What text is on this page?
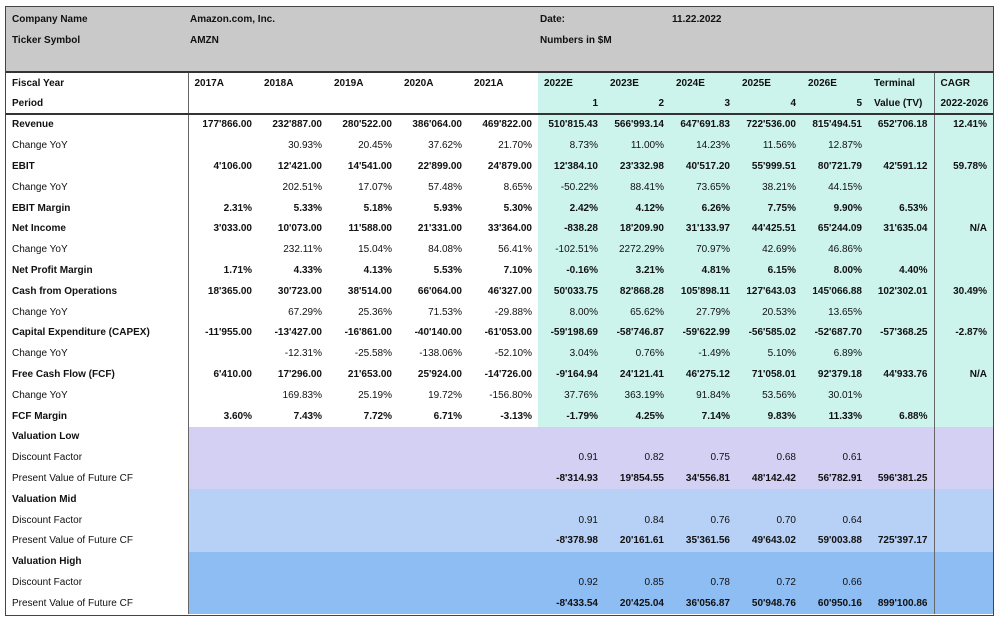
Company Name	Amazon.com, Inc.
Ticker Symbol	AMZN
Date:	11.22.2022
Numbers in $M
Fiscal Year	2017A	2018A	2019A	2020A	2021A	2022E	2023E	2024E	2025E	2026E	Terminal	CAGR
Period						1	2	3	4	5	Value (TV)	2022-2026
Revenue	177'866.00	232'887.00	280'522.00	386'064.00	469'822.00	510'815.43	566'993.14	647'691.83	722'536.00	815'494.51	652'706.18	12.41%
Change YoY		30.93%	20.45%	37.62%	21.70%	8.73%	11.00%	14.23%	11.56%	12.87%		
EBIT	4'106.00	12'421.00	14'541.00	22'899.00	24'879.00	12'384.10	23'332.98	40'517.20	55'999.51	80'721.79	42'591.12	59.78%
Change YoY		202.51%	17.07%	57.48%	8.65%	-50.22%	88.41%	73.65%	38.21%	44.15%		
EBIT Margin	2.31%	5.33%	5.18%	5.93%	5.30%	2.42%	4.12%	6.26%	7.75%	9.90%	6.53%	
Net Income	3'033.00	10'073.00	11'588.00	21'331.00	33'364.00	-838.28	18'209.90	31'133.97	44'425.51	65'244.09	31'635.04	N/A
Change YoY		232.11%	15.04%	84.08%	56.41%	-102.51%	2272.29%	70.97%	42.69%	46.86%		
Net Profit Margin	1.71%	4.33%	4.13%	5.53%	7.10%	-0.16%	3.21%	4.81%	6.15%	8.00%	4.40%	
Cash from Operations	18'365.00	30'723.00	38'514.00	66'064.00	46'327.00	50'033.75	82'868.28	105'898.11	127'643.03	145'066.88	102'302.01	30.49%
Change YoY		67.29%	25.36%	71.53%	-29.88%	8.00%	65.62%	27.79%	20.53%	13.65%		
Capital Expenditure (CAPEX)	-11'955.00	-13'427.00	-16'861.00	-40'140.00	-61'053.00	-59'198.69	-58'746.87	-59'622.99	-56'585.02	-52'687.70	-57'368.25	-2.87%
Change YoY		-12.31%	-25.58%	-138.06%	-52.10%	3.04%	0.76%	-1.49%	5.10%	6.89%		
Free Cash Flow (FCF)	6'410.00	17'296.00	21'653.00	25'924.00	-14'726.00	-9'164.94	24'121.41	46'275.12	71'058.01	92'379.18	44'933.76	N/A
Change YoY		169.83%	25.19%	19.72%	-156.80%	37.76%	363.19%	91.84%	53.56%	30.01%		
FCF Margin	3.60%	7.43%	7.72%	6.71%	-3.13%	-1.79%	4.25%	7.14%	9.83%	11.33%	6.88%	
Valuation Low												
Discount Factor						0.91	0.82	0.75	0.68	0.61		
Present Value of Future CF						-8'314.93	19'854.55	34'556.81	48'142.42	56'782.91	596'381.25	
Valuation Mid												
Discount Factor						0.91	0.84	0.76	0.70	0.64		
Present Value of Future CF						-8'378.98	20'161.61	35'361.56	49'643.02	59'003.88	725'397.17	
Valuation High												
Discount Factor						0.92	0.85	0.78	0.72	0.66		
Present Value of Future CF						-8'433.54	20'425.04	36'056.87	50'948.76	60'950.16	899'100.86	
